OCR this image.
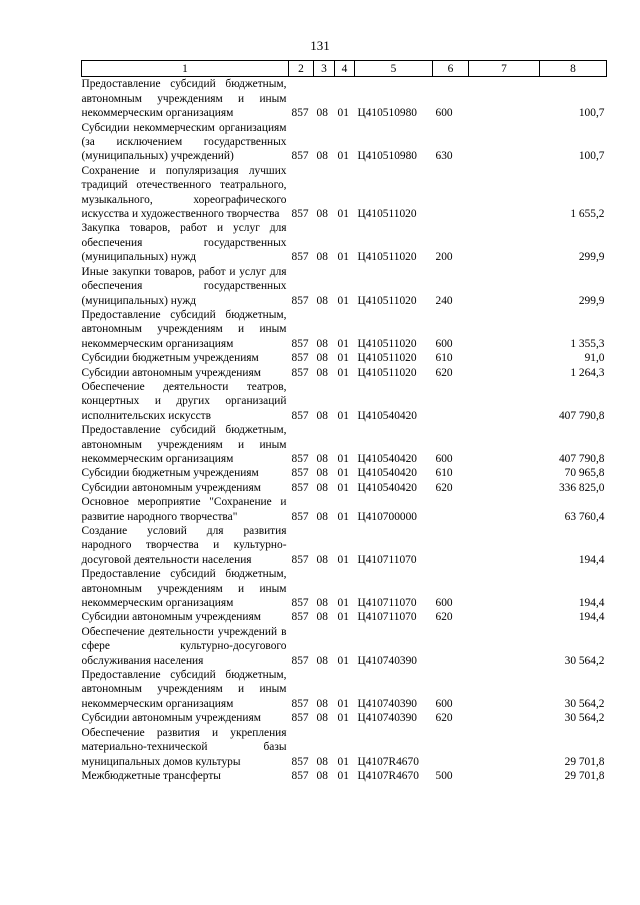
131
1	2	3	4	5	6	7	8
Предоставление субсидий бюджетным, автономным учреждениям и иным некоммерческим организациям	857	08	01	Ц410510980	600		100,7
Субсидии некоммерческим организациям (за исключением государственных (муниципальных) учреждений)	857	08	01	Ц410510980	630		100,7
Сохранение и популяризация лучших традиций отечественного театрального, музыкального, хореографического искусства и художественного творчества	857	08	01	Ц410511020			1 655,2
Закупка товаров, работ и услуг для обеспечения государственных (муниципальных) нужд	857	08	01	Ц410511020	200		299,9
Иные закупки товаров, работ и услуг для обеспечения государственных (муниципальных) нужд	857	08	01	Ц410511020	240		299,9
Предоставление субсидий бюджетным, автономным учреждениям и иным некоммерческим организациям	857	08	01	Ц410511020	600		1 355,3
Субсидии бюджетным учреждениям	857	08	01	Ц410511020	610		91,0
Субсидии автономным учреждениям	857	08	01	Ц410511020	620		1 264,3
Обеспечение деятельности театров, концертных и других организаций исполнительских искусств	857	08	01	Ц410540420			407 790,8
Предоставление субсидий бюджетным, автономным учреждениям и иным некоммерческим организациям	857	08	01	Ц410540420	600		407 790,8
Субсидии бюджетным учреждениям	857	08	01	Ц410540420	610		70 965,8
Субсидии автономным учреждениям	857	08	01	Ц410540420	620		336 825,0
Основное мероприятие "Сохранение и развитие народного творчества"	857	08	01	Ц410700000			63 760,4
Создание условий для развития народного творчества и культурно-досуговой деятельности населения	857	08	01	Ц410711070			194,4
Предоставление субсидий бюджетным, автономным учреждениям и иным некоммерческим организациям	857	08	01	Ц410711070	600		194,4
Субсидии автономным учреждениям	857	08	01	Ц410711070	620		194,4
Обеспечение деятельности учреждений в сфере культурно-досугового обслуживания населения	857	08	01	Ц410740390			30 564,2
Предоставление субсидий бюджетным, автономным учреждениям и иным некоммерческим организациям	857	08	01	Ц410740390	600		30 564,2
Субсидии автономным учреждениям	857	08	01	Ц410740390	620		30 564,2
Обеспечение развития и укрепления материально-технической базы муниципальных домов культуры	857	08	01	Ц4107R4670			29 701,8
Межбюджетные трансферты	857	08	01	Ц4107R4670	500		29 701,8
